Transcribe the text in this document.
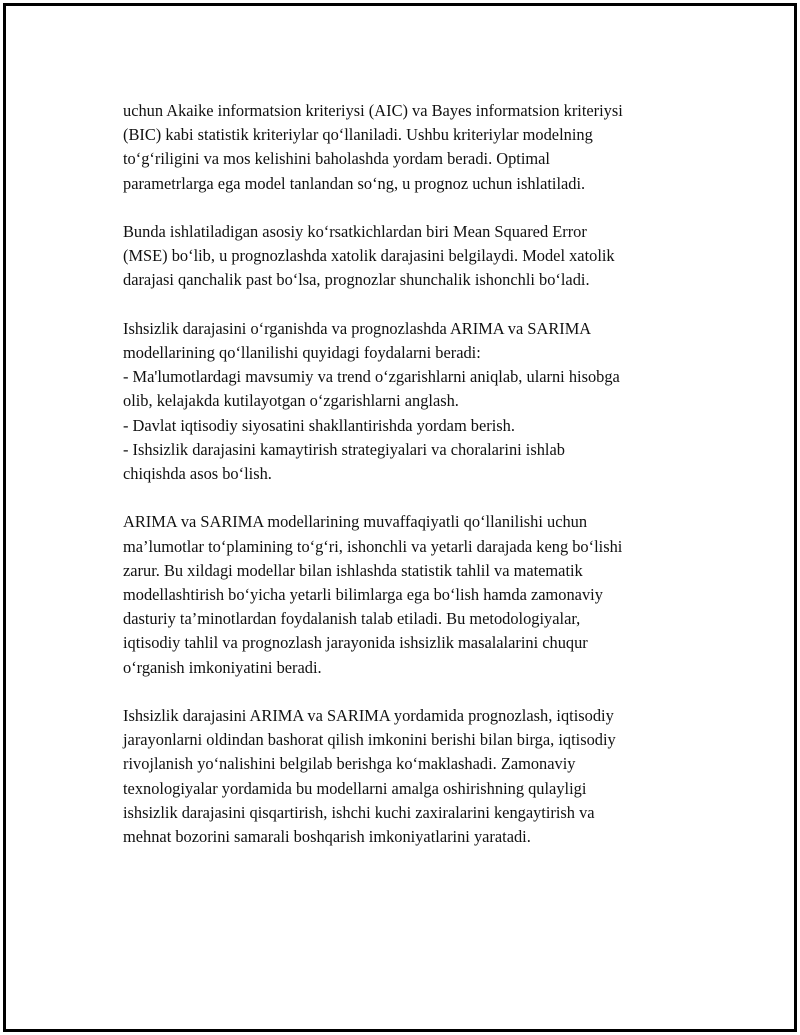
uchun Akaike informatsion kriteriysi (AIC) va Bayes informatsion kriteriysi
(BIC) kabi statistik kriteriylar qo‘llaniladi. Ushbu kriteriylar modelning
to‘g‘riligini va mos kelishini baholashda yordam beradi. Optimal
parametrlarga ega model tanlandan so‘ng, u prognoz uchun ishlatiladi.

Bunda ishlatiladigan asosiy ko‘rsatkichlardan biri Mean Squared Error
(MSE) bo‘lib, u prognozlashda xatolik darajasini belgilaydi. Model xatolik
darajasi qanchalik past bo‘lsa, prognozlar shunchalik ishonchli bo‘ladi.

Ishsizlik darajasini o‘rganishda va prognozlashda ARIMA va SARIMA
modellarining qo‘llanilishi quyidagi foydalarni beradi:
- Ma'lumotlardagi mavsumiy va trend o‘zgarishlarni aniqlab, ularni hisobga
olib, kelajakda kutilayotgan o‘zgarishlarni anglash.
- Davlat iqtisodiy siyosatini shakllantirishda yordam berish.
- Ishsizlik darajasini kamaytirish strategiyalari va choralarini ishlab
chiqishda asos bo‘lish.

ARIMA va SARIMA modellarining muvaffaqiyatli qo‘llanilishi uchun
ma’lumotlar to‘plamining to‘g‘ri, ishonchli va yetarli darajada keng bo‘lishi
zarur. Bu xildagi modellar bilan ishlashda statistik tahlil va matematik
modellashtirish bo‘yicha yetarli bilimlarga ega bo‘lish hamda zamonaviy
dasturiy ta’minotlardan foydalanish talab etiladi. Bu metodologiyalar,
iqtisodiy tahlil va prognozlash jarayonida ishsizlik masalalarini chuqur
o‘rganish imkoniyatini beradi.

Ishsizlik darajasini ARIMA va SARIMA yordamida prognozlash, iqtisodiy
jarayonlarni oldindan bashorat qilish imkonini berishi bilan birga, iqtisodiy
rivojlanish yo‘nalishini belgilab berishga ko‘maklashadi. Zamonaviy
texnologiyalar yordamida bu modellarni amalga oshirishning qulayligi
ishsizlik darajasini qisqartirish, ishchi kuchi zaxiralarini kengaytirish va
mehnat bozorini samarali boshqarish imkoniyatlarini yaratadi.
